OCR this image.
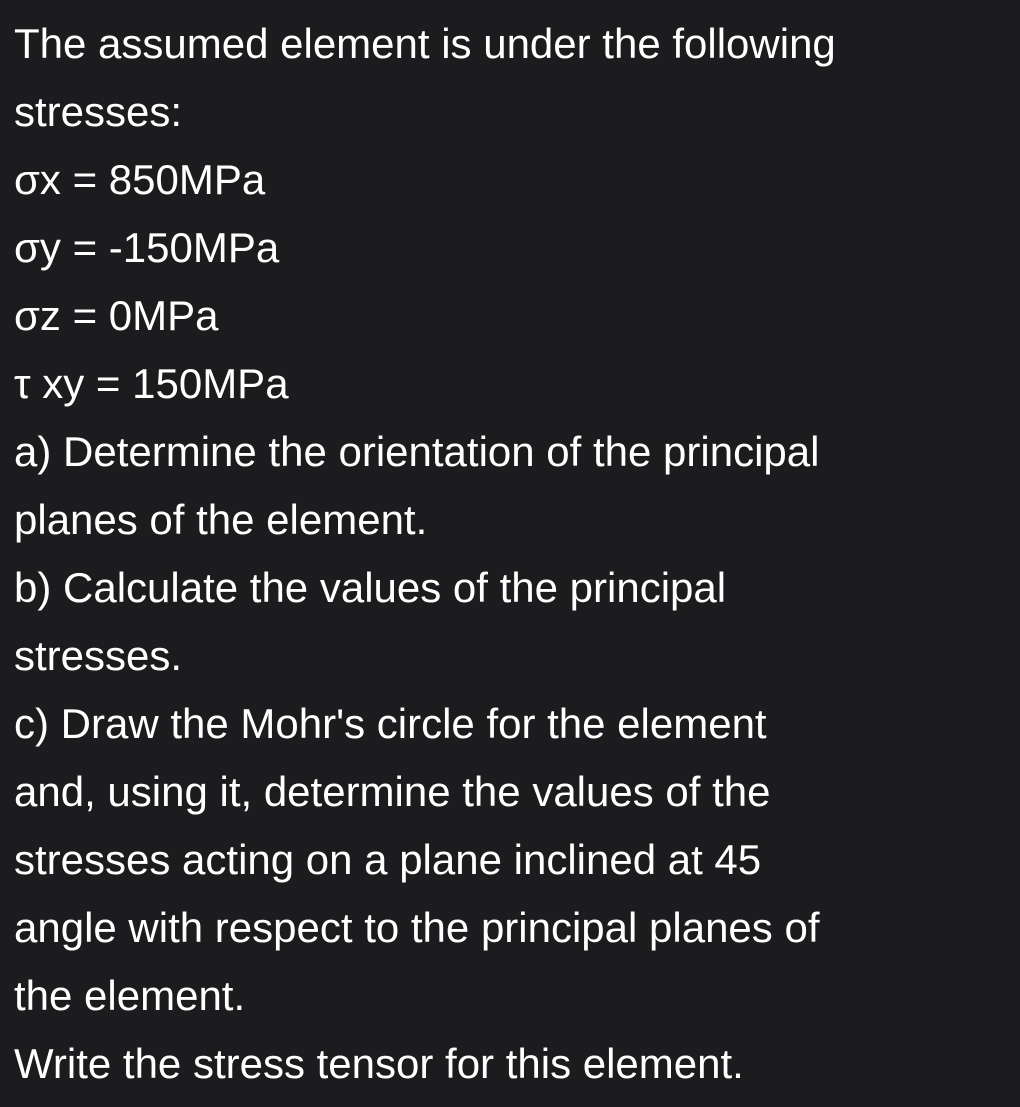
The assumed element is under the following
stresses:
σx = 850MPa
σy = -150MPa
σz = 0MPa
τ xy = 150MPa
a) Determine the orientation of the principal
planes of the element.
b) Calculate the values of the principal
stresses.
c) Draw the Mohr's circle for the element
and, using it, determine the values of the
stresses acting on a plane inclined at 45
angle with respect to the principal planes of
the element.
Write the stress tensor for this element.
